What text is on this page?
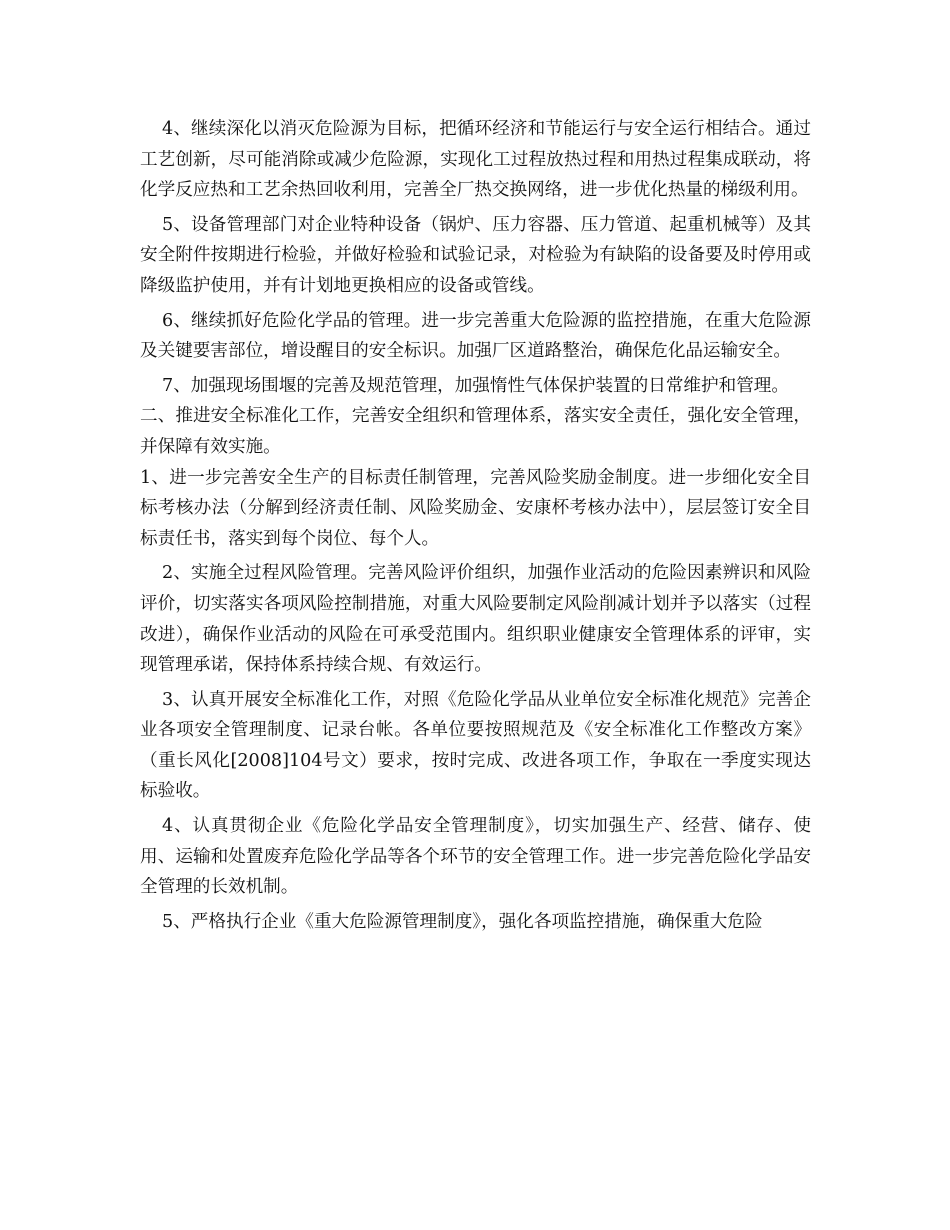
4、继续深化以消灭危险源为目标，把循环经济和节能运行与安全运行相结合。通过工艺创新，尽可能消除或减少危险源，实现化工过程放热过程和用热过程集成联动，将化学反应热和工艺余热回收利用，完善全厂热交换网络，进一步优化热量的梯级利用。

5、设备管理部门对企业特种设备（锅炉、压力容器、压力管道、起重机械等）及其安全附件按期进行检验，并做好检验和试验记录，对检验为有缺陷的设备要及时停用或降级监护使用，并有计划地更换相应的设备或管线。

6、继续抓好危险化学品的管理。进一步完善重大危险源的监控措施，在重大危险源及关键要害部位，增设醒目的安全标识。加强厂区道路整治，确保危化品运输安全。

7、加强现场围堰的完善及规范管理，加强惰性气体保护装置的日常维护和管理。

二、推进安全标准化工作，完善安全组织和管理体系，落实安全责任，强化安全管理，并保障有效实施。

1、进一步完善安全生产的目标责任制管理，完善风险奖励金制度。进一步细化安全目标考核办法（分解到经济责任制、风险奖励金、安康杯考核办法中），层层签订安全目标责任书，落实到每个岗位、每个人。

2、实施全过程风险管理。完善风险评价组织，加强作业活动的危险因素辨识和风险评价，切实落实各项风险控制措施，对重大风险要制定风险削减计划并予以落实（过程改进），确保作业活动的风险在可承受范围内。组织职业健康安全管理体系的评审，实现管理承诺，保持体系持续合规、有效运行。

3、认真开展安全标准化工作，对照《危险化学品从业单位安全标准化规范》完善企业各项安全管理制度、记录台帐。各单位要按照规范及《安全标准化工作整改方案》（重长风化[2008]104号文）要求，按时完成、改进各项工作，争取在一季度实现达标验收。

4、认真贯彻企业《危险化学品安全管理制度》，切实加强生产、经营、储存、使用、运输和处置废弃危险化学品等各个环节的安全管理工作。进一步完善危险化学品安全管理的长效机制。

5、严格执行企业《重大危险源管理制度》，强化各项监控措施，确保重大危险
